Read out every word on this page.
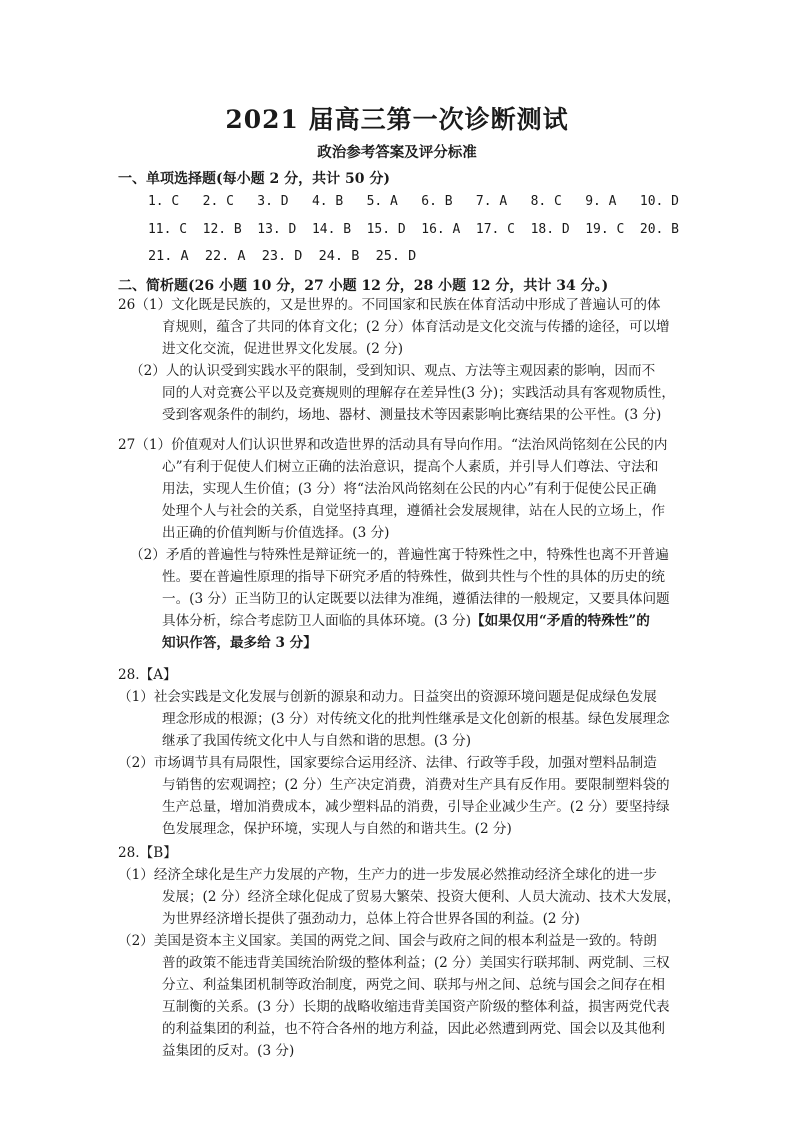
2021 届高三第一次诊断测试
政治参考答案及评分标准
一、单项选择题(每小题 2 分，共计 50 分)
1. C   2. C   3. D   4. B   5. A   6. B   7. A   8. C   9. A   10. D
11. C  12. B  13. D  14. B  15. D  16. A  17. C  18. D  19. C  20. B
21. A  22. A  23. D  24. B  25. D
二、简析题(26 小题 10 分，27 小题 12 分，28 小题 12 分，共计 34 分。)
26（1）文化既是民族的，又是世界的。不同国家和民族在体育活动中形成了普遍认可的体
育规则，蕴含了共同的体育文化；(2 分）体育活动是文化交流与传播的途径，可以增
进文化交流，促进世界文化发展。(2 分)
（2）人的认识受到实践水平的限制，受到知识、观点、方法等主观因素的影响，因而不
同的人对竞赛公平以及竞赛规则的理解存在差异性(3 分)；实践活动具有客观物质性，
受到客观条件的制约，场地、器材、测量技术等因素影响比赛结果的公平性。(3 分)
27（1）价值观对人们认识世界和改造世界的活动具有导向作用。“法治风尚铭刻在公民的内
心”有利于促使人们树立正确的法治意识，提高个人素质，并引导人们尊法、守法和
用法，实现人生价值；(3 分）将“法治风尚铭刻在公民的内心”有利于促使公民正确
处理个人与社会的关系，自觉坚持真理，遵循社会发展规律，站在人民的立场上，作
出正确的价值判断与价值选择。(3 分)
（2）矛盾的普遍性与特殊性是辩证统一的，普遍性寓于特殊性之中，特殊性也离不开普遍
性。要在普遍性原理的指导下研究矛盾的特殊性，做到共性与个性的具体的历史的统
一。(3 分）正当防卫的认定既要以法律为准绳，遵循法律的一般规定，又要具体问题
具体分析，综合考虑防卫人面临的具体环境。(3 分)【如果仅用“矛盾的特殊性”的
知识作答，最多给 3 分】
28.【A】
（1）社会实践是文化发展与创新的源泉和动力。日益突出的资源环境问题是促成绿色发展
理念形成的根源；(3 分）对传统文化的批判性继承是文化创新的根基。绿色发展理念
继承了我国传统文化中人与自然和谐的思想。(3 分)
（2）市场调节具有局限性，国家要综合运用经济、法律、行政等手段，加强对塑料品制造
与销售的宏观调控；(2 分）生产决定消费，消费对生产具有反作用。要限制塑料袋的
生产总量，增加消费成本，减少塑料品的消费，引导企业减少生产。(2 分）要坚持绿
色发展理念，保护环境，实现人与自然的和谐共生。(2 分)
28.【B】
（1）经济全球化是生产力发展的产物，生产力的进一步发展必然推动经济全球化的进一步
发展；(2 分）经济全球化促成了贸易大繁荣、投资大便利、人员大流动、技术大发展，
为世界经济增长提供了强劲动力，总体上符合世界各国的利益。(2 分)
（2）美国是资本主义国家。美国的两党之间、国会与政府之间的根本利益是一致的。特朗
普的政策不能违背美国统治阶级的整体利益；(2 分）美国实行联邦制、两党制、三权
分立、利益集团机制等政治制度，两党之间、联邦与州之间、总统与国会之间存在相
互制衡的关系。(3 分）长期的战略收缩违背美国资产阶级的整体利益，损害两党代表
的利益集团的利益，也不符合各州的地方利益，因此必然遭到两党、国会以及其他利
益集团的反对。(3 分)
